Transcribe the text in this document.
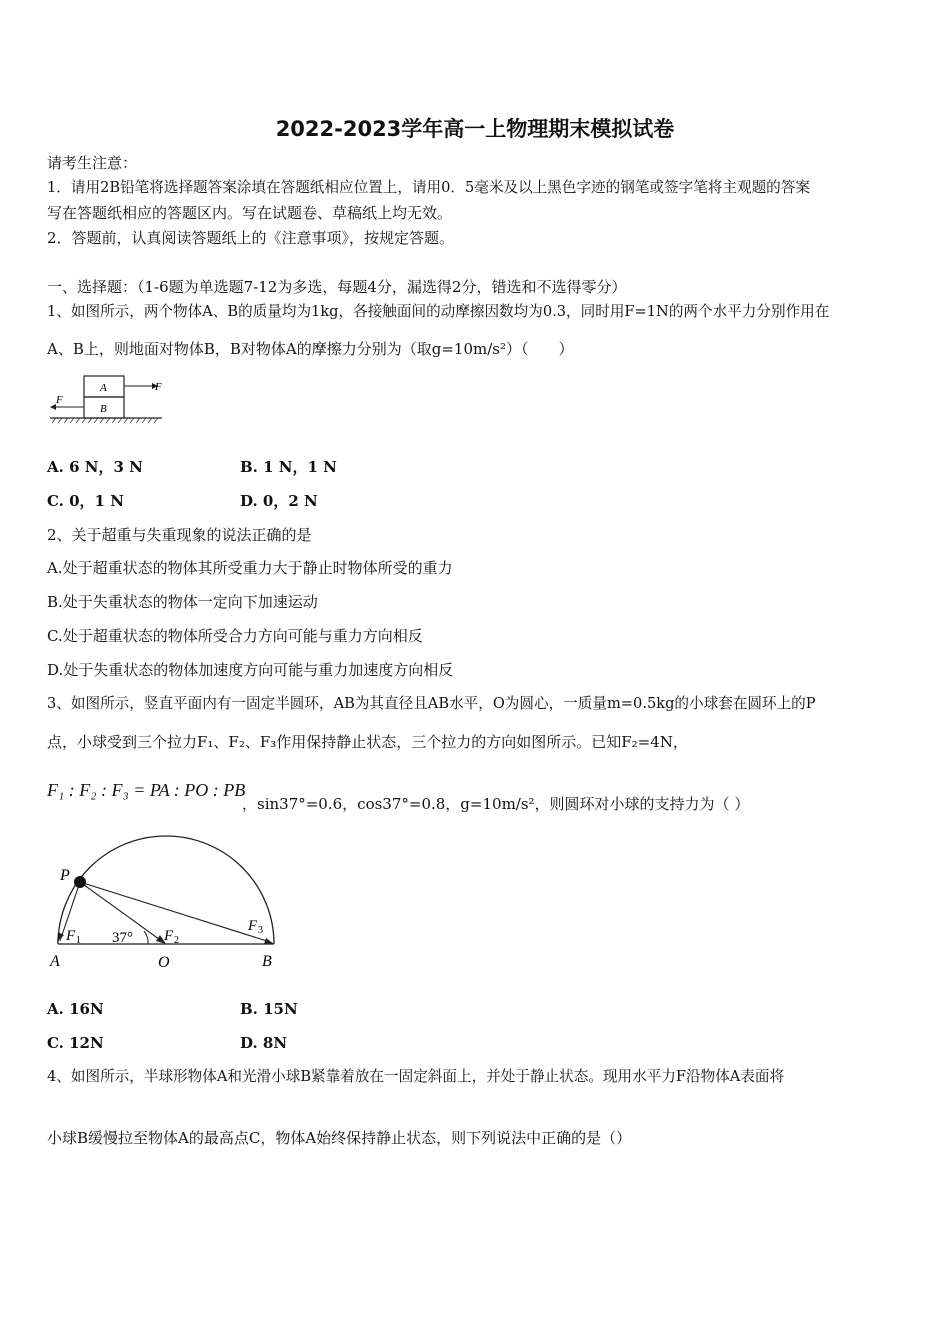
2022-2023学年高一上物理期末模拟试卷
请考生注意：
1．请用2B铅笔将选择题答案涂填在答题纸相应位置上，请用0．5毫米及以上黑色字迹的钢笔或签字笔将主观题的答案
写在答题纸相应的答题区内。写在试题卷、草稿纸上均无效。
2．答题前，认真阅读答题纸上的《注意事项》，按规定答题。
一、选择题：（1-6题为单选题7-12为多选，每题4分，漏选得2分，错选和不选得零分）
1、如图所示，两个物体A、B的质量均为1kg，各接触面间的动摩擦因数均为0.3，同时用F=1N的两个水平力分别作用在
A、B上，则地面对物体B，B对物体A的摩擦力分别为（取g=10m/s²）（　　）
A
B
F
F
A. 6 N，3 N	B. 1 N，1 N
C. 0，1 N	D. 0，2 N
2、关于超重与失重现象的说法正确的是
A.处于超重状态的物体其所受重力大于静止时物体所受的重力
B.处于失重状态的物体一定向下加速运动
C.处于超重状态的物体所受合力方向可能与重力方向相反
D.处于失重状态的物体加速度方向可能与重力加速度方向相反
3、如图所示，竖直平面内有一固定半圆环，AB为其直径且AB水平，O为圆心，一质量m=0.5kg的小球套在圆环上的P
点，小球受到三个拉力F₁、F₂、F₃作用保持静止状态，三个拉力的方向如图所示。已知F₂=4N，
F₁ : F₂ : F₃ = PA : PO : PB
，sin37°=0.6，cos37°=0.8，g=10m/s²，则圆环对小球的支持力为（ ）
P
A	O	B
F 1	F 2
F 3
37°
A. 16N	B. 15N
C. 12N	D. 8N
4、如图所示，半球形物体A和光滑小球B紧靠着放在一固定斜面上，并处于静止状态。现用水平力F沿物体A表面将
小球B缓慢拉至物体A的最高点C，物体A始终保持静止状态，则下列说法中正确的是（）
